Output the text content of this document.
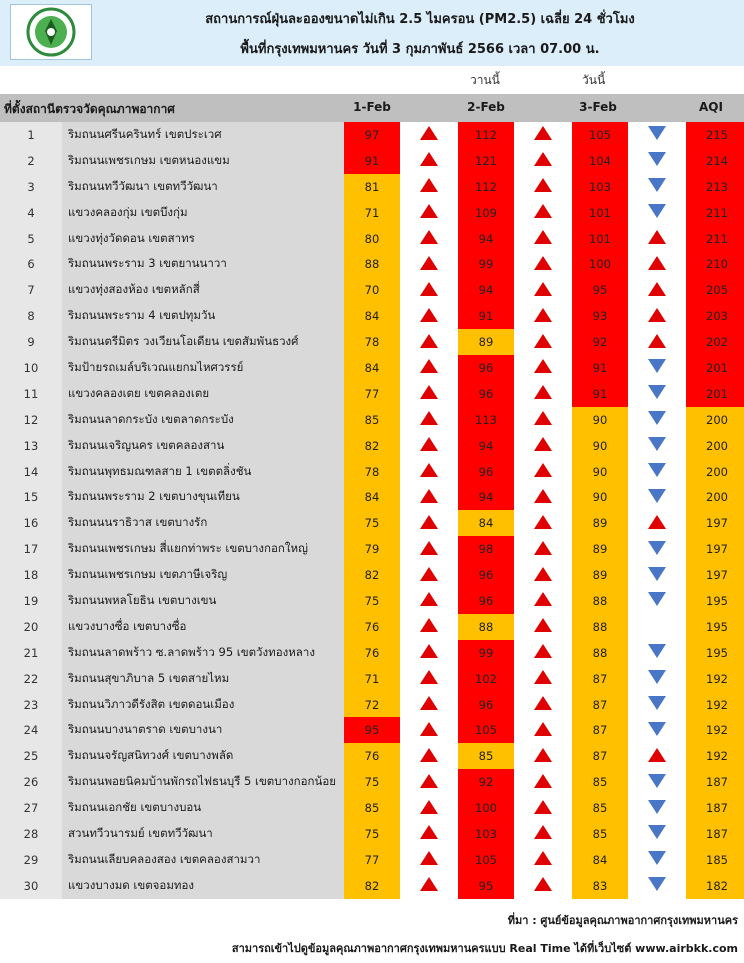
สถานการณ์ฝุ่นละอองขนาดไม่เกิน 2.5 ไมครอน (PM2.5) เฉลี่ย 24 ชั่วโมง
พื้นที่กรุงเทพมหานคร วันที่ 3 กุมภาพันธ์ 2566 เวลา 07.00 น.
วานนี้	วันนี้
ที่ตั้งสถานีตรวจวัดคุณภาพอากาศ	1-Feb	2-Feb	3-Feb	AQI
1	ริมถนนศรีนครินทร์ เขตประเวศ	97		112		105		215
2	ริมถนนเพชรเกษม เขตหนองแขม	91		121		104		214
3	ริมถนนทวีวัฒนา เขตทวีวัฒนา	81		112		103		213
4	แขวงคลองกุ่ม เขตบึงกุ่ม	71		109		101		211
5	แขวงทุ่งวัดดอน เขตสาทร	80		94		101		211
6	ริมถนนพระราม 3 เขตยานนาวา	88		99		100		210
7	แขวงทุ่งสองห้อง เขตหลักสี่	70		94		95		205
8	ริมถนนพระราม 4 เขตปทุมวัน	84		91		93		203
9	ริมถนนตรีมิตร วงเวียนโอเดียน เขตสัมพันธวงศ์	78		89		92		202
10	ริมป้ายรถเมล์บริเวณแยกมไหศวรรย์	84		96		91		201
11	แขวงคลองเตย เขตคลองเตย	77		96		91		201
12	ริมถนนลาดกระบัง เขตลาดกระบัง	85		113		90		200
13	ริมถนนเจริญนคร เขตคลองสาน	82		94		90		200
14	ริมถนนพุทธมณฑลสาย 1 เขตตลิ่งชัน	78		96		90		200
15	ริมถนนพระราม 2 เขตบางขุนเทียน	84		94		90		200
16	ริมถนนนราธิวาส เขตบางรัก	75		84		89		197
17	ริมถนนเพชรเกษม สี่แยกท่าพระ เขตบางกอกใหญ่	79		98		89		197
18	ริมถนนเพชรเกษม เขตภาษีเจริญ	82		96		89		197
19	ริมถนนพหลโยธิน เขตบางเขน	75		96		88		195
20	แขวงบางซื่อ เขตบางซื่อ	76		88		88		195
21	ริมถนนลาดพร้าว ซ.ลาดพร้าว 95 เขตวังทองหลาง	76		99		88		195
22	ริมถนนสุขาภิบาล 5 เขตสายไหม	71		102		87		192
23	ริมถนนวิภาวดีรังสิต เขตดอนเมือง	72		96		87		192
24	ริมถนนบางนาตราด เขตบางนา	95		105		87		192
25	ริมถนนจรัญสนิทวงศ์ เขตบางพลัด	76		85		87		192
26	ริมถนนพอยนิคมบ้านพักรถไฟธนบุรี 5 เขตบางกอกน้อย	75		92		85		187
27	ริมถนนเอกชัย เขตบางบอน	85		100		85		187
28	สวนทวีวนารมย์ เขตทวีวัฒนา	75		103		85		187
29	ริมถนนเลียบคลองสอง เขตคลองสามวา	77		105		84		185
30	แขวงบางมด เขตจอมทอง	82		95		83		182
ที่มา : ศูนย์ข้อมูลคุณภาพอากาศกรุงเทพมหานคร
สามารถเข้าไปดูข้อมูลคุณภาพอากาศกรุงเทพมหานครแบบ Real Time ได้ที่เว็บไซต์ www.airbkk.com
